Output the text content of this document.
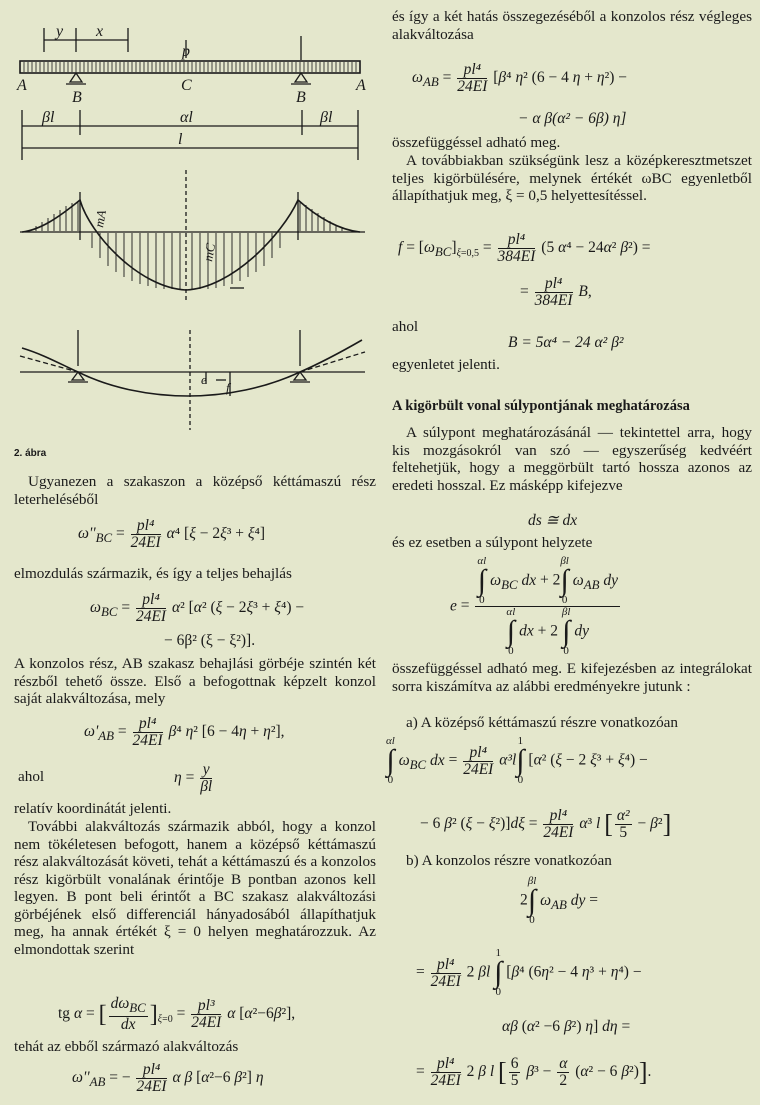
y x
p
A
B
C
B
A
βl	αl	βl
l
mA
mC
e
f
2. ábra

Ugyanezen a szakaszon a középső kéttámaszú rész leterheléséből

$\omega''_{BC} = \frac{\text{pl⁴}}{24EI} \alpha^4$ [ξ − 2ξ³ + ξ⁴]

elmozdulás származik, és így a teljes behajlás

$\omega_{BC} = \frac{\text{pl⁴}}{24EI} \alpha^2$ [α² (ξ − 2ξ³ + ξ⁴) −
− 6β² (ξ − ξ²)].

A konzolos rész, AB szakasz behajlási görbéje szintén két részből tehető össze. Első a befogottnak képzelt konzol saját alakváltozása, mely

$\omega'_{AB} = \frac{\text{pl⁴}}{24EI} \beta^4$ η² [6 − 4η + η²],

ahol	$\eta = \frac{y}{\beta l}$

relatív koordinátát jelenti.

További alakváltozás származik abból, hogy a konzol nem tökéletesen befogott, hanem a középső kéttámaszú rész alakváltozását követi, tehát a kéttámaszú és a konzolos rész kigörbült vonalának érintője B pontban azonos kell legyen. B pont beli érintőt a BC szakasz alakváltozási görbéjének első differenciál hányadosából állapíthatjuk meg, ha annak értékét ξ = 0 helyen meghatározzuk. Az elmondottak szerint

tg α = [ $\frac{d\omega_{BC}}{dx} ]_{\xi=0} = \frac{\text{pl³}}{24EI}$ α [α²−6β²],

tehát az ebből származó alakváltozás

$\omega''_{AB}$ = − $\frac{\text{pl⁴}}{24EI}$ α β [α²−6 β²] η

és így a két hatás összegezéséből a konzolos rész végleges alakváltozása

$\omega_{AB} = \frac{\text{pl⁴}}{24EI} [\beta^4$ η² (6 − 4 η + η²) −
− α β(α² − 6β) η]

összefüggéssel adható meg.

A továbbiakban szükségünk lesz a középkeresztmetszet teljes kigörbülésére, melynek értékét ωBC egyenletből állapíthatjuk meg, ξ = 0,5 helyettesítéssel.

$f = [\omega_{BC}]_{\xi=0,5} = \frac{\text{pl⁴}}{384EI} (5$ α⁴ − 24α² β²) =
= $\frac{\text{pl⁴}}{384EI} B$,

ahol

B = 5α⁴ − 24 α² β²

egyenletet jelenti.

A kigörbült vonal súlypontjának meghatározása

A súlypont meghatározásánál — tekintettel arra, hogy kis mozgásokról van szó — egyszerűség kedvéért feltehetjük, hogy a meggörbült tartó hossza azonos az eredeti hosszal. Ez másképp kifejezve

ds ≅ dx

és ez esetben a súlypont helyzete

e =
αl
∫
0 $\omega_{BC}$ dx + 2βl
∫
0 $\omega_{AB}$ dy
αl
∫
0 dx + 2 βl
∫
0 dy

összefüggéssel adható meg. E kifejezésben az integrálokat sorra kiszámítva az alábbi eredményekre jutunk :

a) A középső kéttámaszú részre vonatkozóan

αl
∫
0 $\omega_{BC}$ dx = $\frac{\text{pl⁴}}{24EI} \alpha^3l1$
∫
0 [α² (ξ − 2 ξ³ + ξ⁴) −
− 6 β² $(\xi - \xi^2)]d\xi = \frac{\text{pl⁴}}{24EI} \alpha^3$ l [ $\frac{\text{α²}}{5} - \beta^2$]

b) A konzolos részre vonatkozóan

2βl
∫
0 $\omega_{AB}$ dy =
= $\frac{\text{pl⁴}}{24EI} 2$ βl 1
∫
0 [β⁴ (6η² − 4 η³ + η⁴) −
αβ (α² −6 β²) η] dη =
= $\frac{\text{pl⁴}}{24EI} 2$ β l [ $\frac{6}{5} \beta^3 - \frac{\alpha}{2} (\alpha^2 - 6$ β²)].
